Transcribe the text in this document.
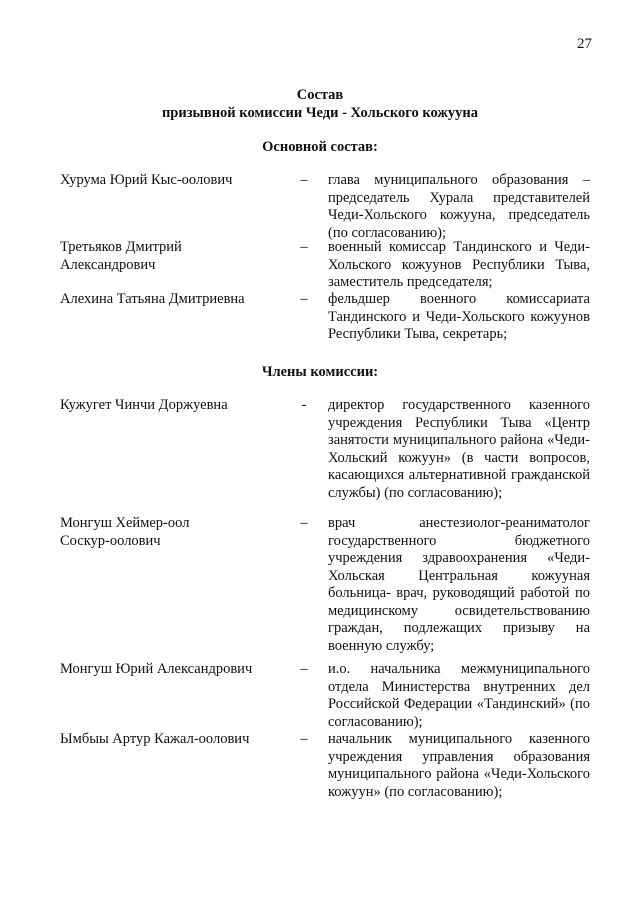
27
Состав
призывной комиссии Чеди - Хольского кожууна
Основной состав:
Хурума Юрий Кыс-оолович	–	глава муниципального образования – председатель Хурала представителей Чеди-Хольского кожууна, председатель (по согласованию);
Третьяков Дмитрий
Александрович
–	военный комиссар Тандинского и Чеди-Хольского кожуунов Республики Тыва, заместитель председателя;
Алехина Татьяна Дмитриевна	–	фельдшер военного комиссариата Тандинского и Чеди-Хольского кожуунов Республики Тыва, секретарь;
Члены комиссии:
Кужугет Чинчи Доржуевна	-	директор государственного казенного учреждения Республики Тыва «Центр занятости муниципального района «Чеди-Хольский кожуун» (в части вопросов, касающихся альтернативной гражданской службы) (по согласованию);
Монгуш Хеймер-оол
Соскур-оолович
–	врач анестезиолог-реаниматолог государственного бюджетного учреждения здравоохранения «Чеди-Хольская Центральная кожууная больница- врач, руководящий работой по медицинскому освидетельствованию граждан, подлежащих призыву на военную службу;
Монгуш Юрий Александрович	–	и.о. начальника межмуниципального отдела Министерства внутренних дел Российской Федерации «Тандинский» (по согласованию);
Ымбыы Артур Кажал-оолович	–	начальник муниципального казенного учреждения управления образования муниципального района «Чеди-Хольского кожуун» (по согласованию);
